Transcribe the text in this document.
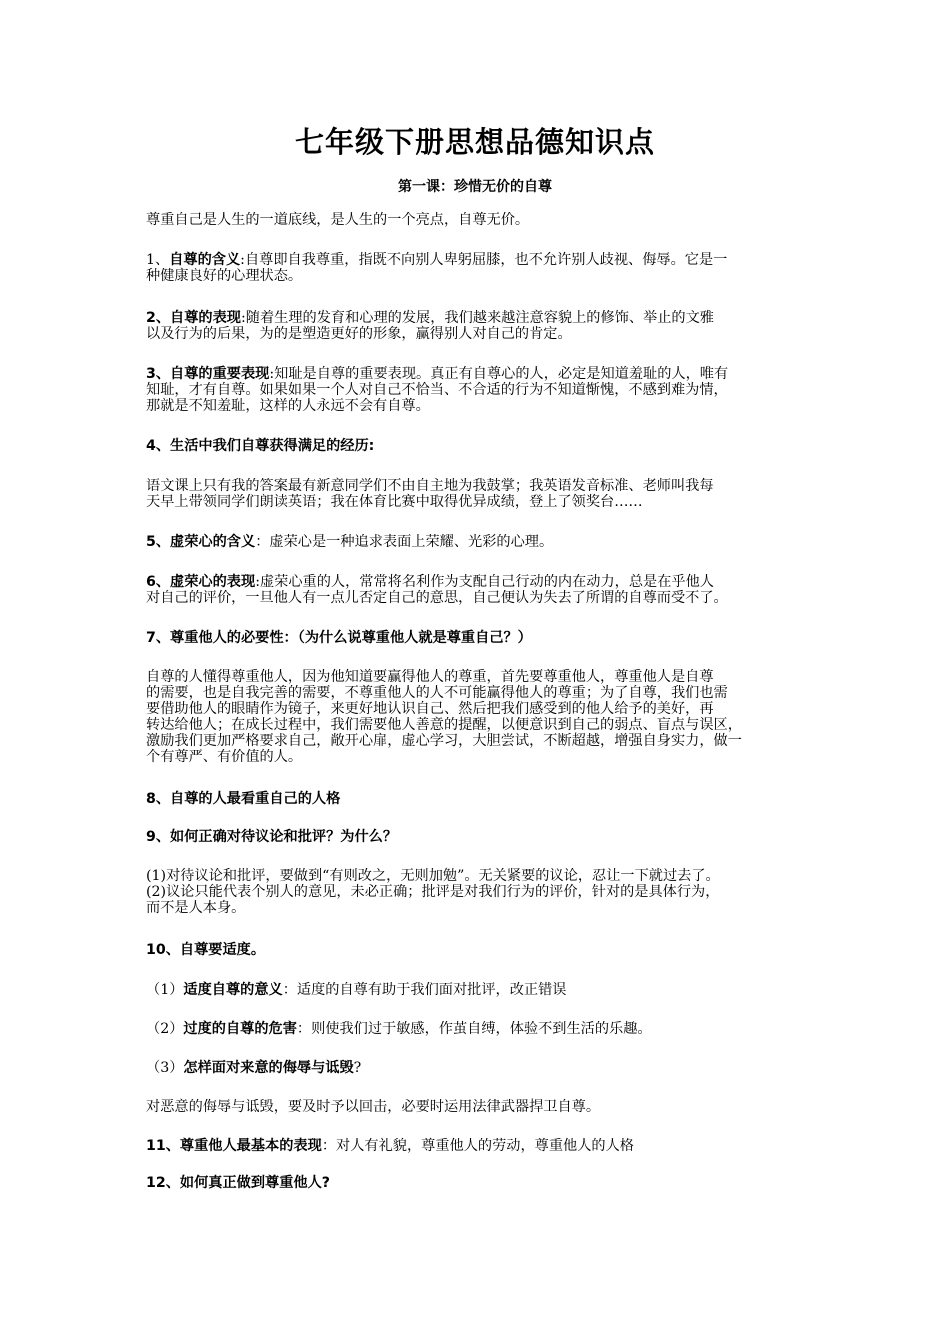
七年级下册思想品德知识点
第一课：珍惜无价的自尊
尊重自己是人生的一道底线，是人生的一个亮点，自尊无价。
1、自尊的含义:自尊即自我尊重，指既不向别人卑躬屈膝，也不允许别人歧视、侮辱。它是一
种健康良好的心理状态。
2、自尊的表现:随着生理的发育和心理的发展，我们越来越注意容貌上的修饰、举止的文雅
以及行为的后果，为的是塑造更好的形象，赢得别人对自己的肯定。
3、自尊的重要表现:知耻是自尊的重要表现。真正有自尊心的人，必定是知道羞耻的人，唯有
知耻，才有自尊。如果如果一个人对自己不恰当、不合适的行为不知道惭愧，不感到难为情，
那就是不知羞耻，这样的人永远不会有自尊。
4、生活中我们自尊获得满足的经历:
语文课上只有我的答案最有新意同学们不由自主地为我鼓掌；我英语发音标准、老师叫我每
天早上带领同学们朗读英语；我在体育比赛中取得优异成绩，登上了领奖台……
5、虚荣心的含义：虚荣心是一种追求表面上荣耀、光彩的心理。
6、虚荣心的表现:虚荣心重的人，常常将名利作为支配自己行动的内在动力，总是在乎他人
对自己的评价，一旦他人有一点儿否定自己的意思，自己便认为失去了所谓的自尊而受不了。
7、尊重他人的必要性：（为什么说尊重他人就是尊重自己？）
自尊的人懂得尊重他人，因为他知道要赢得他人的尊重，首先要尊重他人，尊重他人是自尊
的需要，也是自我完善的需要，不尊重他人的人不可能赢得他人的尊重；为了自尊，我们也需
要借助他人的眼睛作为镜子，来更好地认识自己、然后把我们感受到的他人给予的美好，再
转达给他人；在成长过程中，我们需要他人善意的提醒，以便意识到自己的弱点、盲点与误区，
激励我们更加严格要求自己，敞开心扉，虚心学习，大胆尝试，不断超越，增强自身实力，做一
个有尊严、有价值的人。
8、自尊的人最看重自己的人格
9、如何正确对待议论和批评？为什么？
(1)对待议论和批评，要做到“有则改之，无则加勉”。无关紧要的议论，忍让一下就过去了。
(2)议论只能代表个别人的意见，未必正确；批评是对我们行为的评价，针对的是具体行为，
而不是人本身。
10、自尊要适度。
（1）适度自尊的意义：适度的自尊有助于我们面对批评，改正错误
（2）过度的自尊的危害：则使我们过于敏感，作茧自缚，体验不到生活的乐趣。
（3）怎样面对来意的侮辱与诋毁?
对恶意的侮辱与诋毁，要及时予以回击，必要时运用法律武器捍卫自尊。
11、尊重他人最基本的表现：对人有礼貌，尊重他人的劳动，尊重他人的人格
12、如何真正做到尊重他人?
